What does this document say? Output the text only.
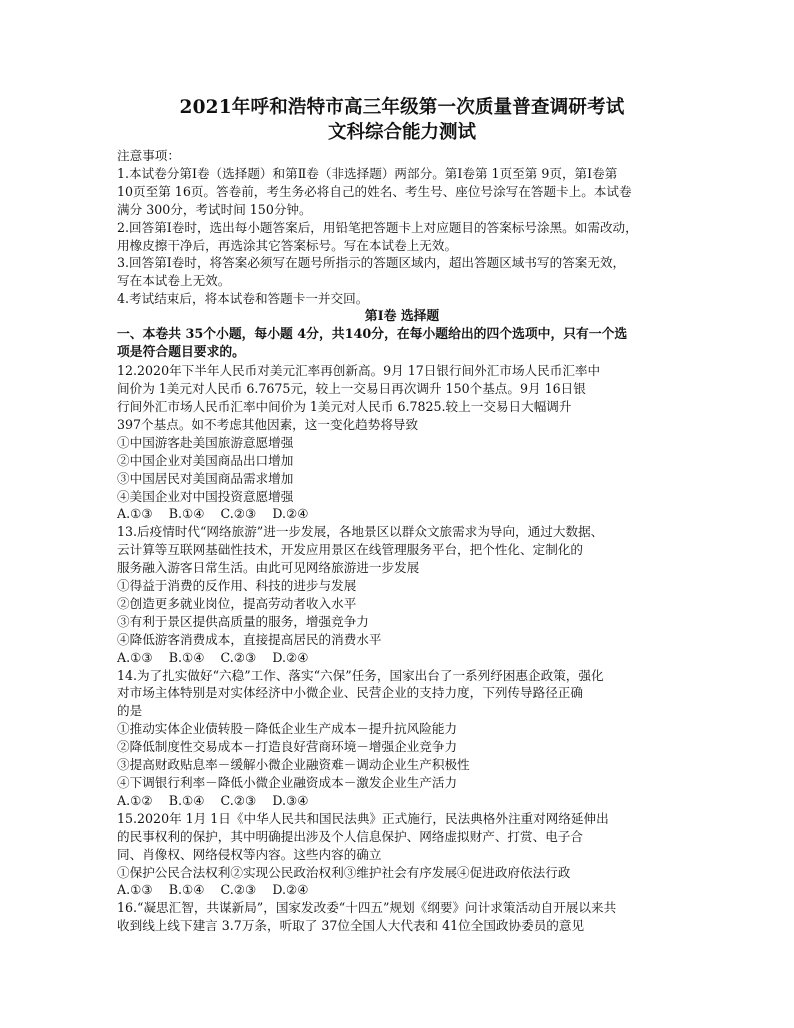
2021年呼和浩特市高三年级第一次质量普查调研考试
文科综合能力测试
注意事项：
1.本试卷分第Ⅰ卷（选择题）和第Ⅱ卷（非选择题）两部分。第Ⅰ卷第 1页至第 9页，第Ⅰ卷第
10页至第 16页。答卷前，考生务必将自己的姓名、考生号、座位号涂写在答题卡上。本试卷
满分 300分，考试时间 150分钟。
2.回答第Ⅰ卷时，选出每小题答案后，用铅笔把答题卡上对应题目的答案标号涂黑。如需改动，
用橡皮擦干净后，再选涂其它答案标号。写在本试卷上无效。
3.回答第Ⅰ卷时，将答案必须写在题号所指示的答题区域内，超出答题区域书写的答案无效，
写在本试卷上无效。
4.考试结束后，将本试卷和答题卡一并交回。
第Ⅰ卷 选择题
一、本卷共 35个小题，每小题 4分，共140分，在每小题给出的四个选项中，只有一个选
项是符合题目要求的。
12.2020年下半年人民币对美元汇率再创新高。9月 17日银行间外汇市场人民币汇率中
间价为 1美元对人民币 6.7675元，较上一交易日再次调升 150个基点。9月 16日银
行间外汇市场人民币汇率中间价为 1美元对人民币 6.7825.较上一交易日大幅调升
397个基点。如不考虑其他因素，这一变化趋势将导致
①中国游客赴美国旅游意愿增强
②中国企业对美国商品出口增加
③中国居民对美国商品需求增加
④美国企业对中国投资意愿增强
A.①③    B.①④    C.②③    D.②④
13.后疫情时代“网络旅游”进一步发展，各地景区以群众文旅需求为导向，通过大数据、
云计算等互联网基础性技术，开发应用景区在线管理服务平台，把个性化、定制化的
服务融入游客日常生活。由此可见网络旅游进一步发展
①得益于消费的反作用、科技的进步与发展
②创造更多就业岗位，提高劳动者收入水平
③有利于景区提供高质量的服务，增强竞争力
④降低游客消费成本，直接提高居民的消费水平
A.①③    B.①④    C.②③    D.②④
14.为了扎实做好“六稳”工作、落实“六保”任务，国家出台了一系列纾困惠企政策，强化
对市场主体特别是对实体经济中小微企业、民营企业的支持力度，下列传导路径正确
的是
①推动实体企业债转股－降低企业生产成本－提升抗风险能力
②降低制度性交易成本－打造良好营商环境－增强企业竞争力
③提高财政贴息率－缓解小微企业融资难－调动企业生产积极性
④下调银行利率－降低小微企业融资成本－激发企业生产活力
A.①②    B.①④    C.②③    D.③④
15.2020年 1月 1日《中华人民共和国民法典》正式施行，民法典格外注重对网络延伸出
的民事权利的保护，其中明确提出涉及个人信息保护、网络虚拟财产、打赏、电子合
同、肖像权、网络侵权等内容。这些内容的确立
①保护公民合法权利②实现公民政治权利③维护社会有序发展④促进政府依法行政
A.①③    B.①④    C.②③    D.②④
16.“凝思汇智，共谋新局”，国家发改委“十四五”规划《纲要》问计求策活动自开展以来共
收到线上线下建言 3.7万条，听取了 37位全国人大代表和 41位全国政协委员的意见
